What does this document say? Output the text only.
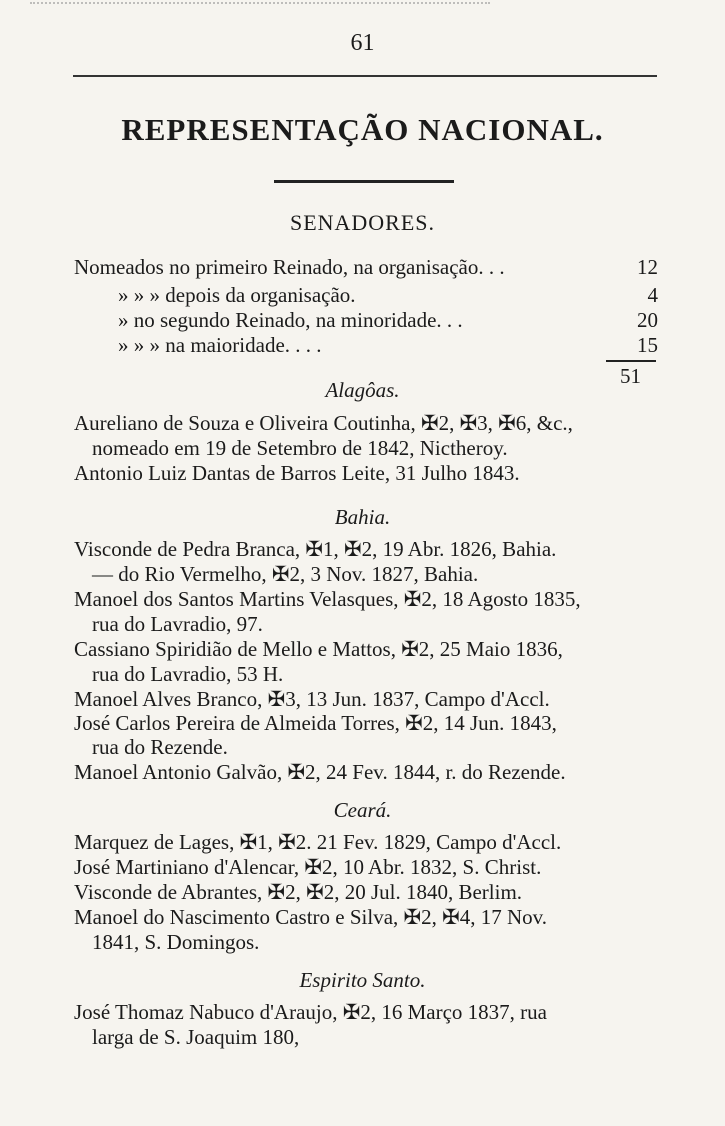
61
REPRESENTAÇÃO NACIONAL.
SENADORES.
Nomeados no primeiro Reinado, na organisação. . .	12
» » » depois da organisação.	4
» no segundo Reinado, na minoridade. . .	20
» » » na maioridade. . . .	15
51
Alagôas.
Aureliano de Souza e Oliveira Coutinha, ✠2, ✠3, ✠6, &c.,
nomeado em 19 de Setembro de 1842, Nictheroy.
Antonio Luiz Dantas de Barros Leite, 31 Julho 1843.
Bahia.
Visconde de Pedra Branca, ✠1, ✠2, 19 Abr. 1826, Bahia.
— do Rio Vermelho, ✠2, 3 Nov. 1827, Bahia.
Manoel dos Santos Martins Velasques, ✠2, 18 Agosto 1835,
rua do Lavradio, 97.
Cassiano Spiridião de Mello e Mattos, ✠2, 25 Maio 1836,
rua do Lavradio, 53 H.
Manoel Alves Branco, ✠3, 13 Jun. 1837, Campo d'Accl.
José Carlos Pereira de Almeida Torres, ✠2, 14 Jun. 1843,
rua do Rezende.
Manoel Antonio Galvão, ✠2, 24 Fev. 1844, r. do Rezende.
Ceará.
Marquez de Lages, ✠1, ✠2. 21 Fev. 1829, Campo d'Accl.
José Martiniano d'Alencar, ✠2, 10 Abr. 1832, S. Christ.
Visconde de Abrantes, ✠2, ✠2, 20 Jul. 1840, Berlim.
Manoel do Nascimento Castro e Silva, ✠2, ✠4, 17 Nov.
1841, S. Domingos.
Espirito Santo.
José Thomaz Nabuco d'Araujo, ✠2, 16 Março 1837, rua
larga de S. Joaquim 180,
